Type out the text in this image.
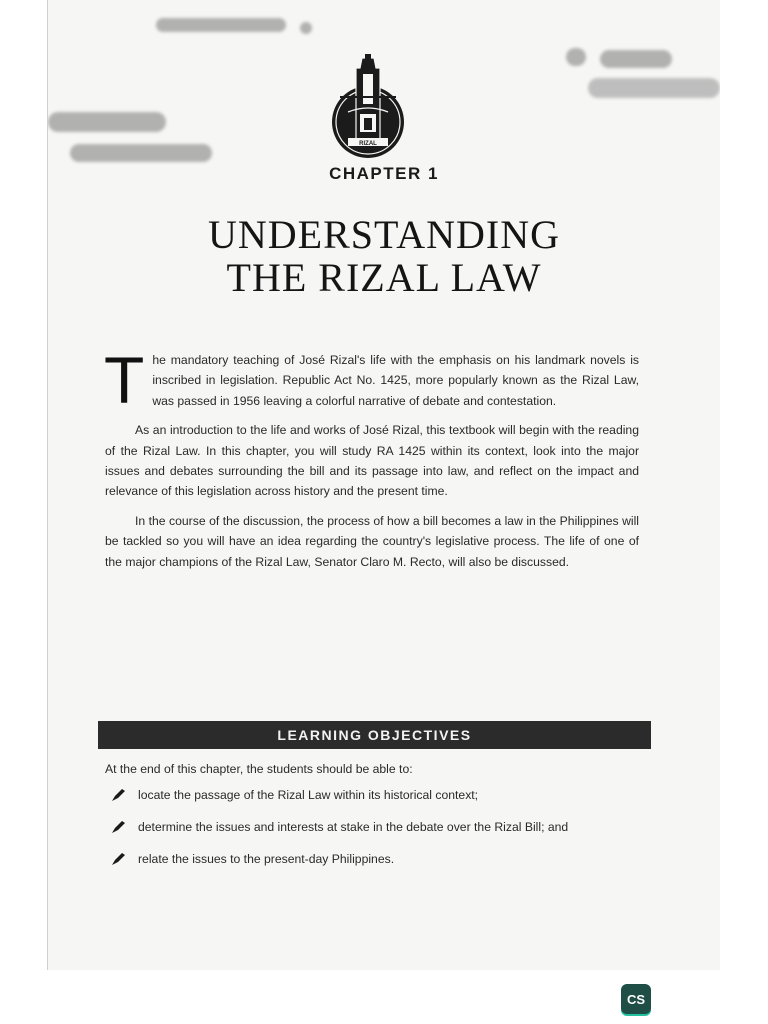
RIZAL
CHAPTER 1
UNDERSTANDING
THE RIZAL LAW

The mandatory teaching of José Rizal's life with the emphasis on his landmark novels is inscribed in legislation. Republic Act No. 1425, more popularly known as the Rizal Law, was passed in 1956 leaving a colorful narrative of debate and contestation.

As an introduction to the life and works of José Rizal, this textbook will begin with the reading of the Rizal Law. In this chapter, you will study RA 1425 within its context, look into the major issues and debates surrounding the bill and its passage into law, and reflect on the impact and relevance of this legislation across history and the present time.

In the course of the discussion, the process of how a bill becomes a law in the Philippines will be tackled so you will have an idea regarding the country's legislative process. The life of one of the major champions of the Rizal Law, Senator Claro M. Recto, will also be discussed.

LEARNING OBJECTIVES

At the end of this chapter, the students should be able to:

locate the passage of the Rizal Law within its historical context;
determine the issues and interests at stake in the debate over the Rizal Bill; and
relate the issues to the present-day Philippines.
CS
